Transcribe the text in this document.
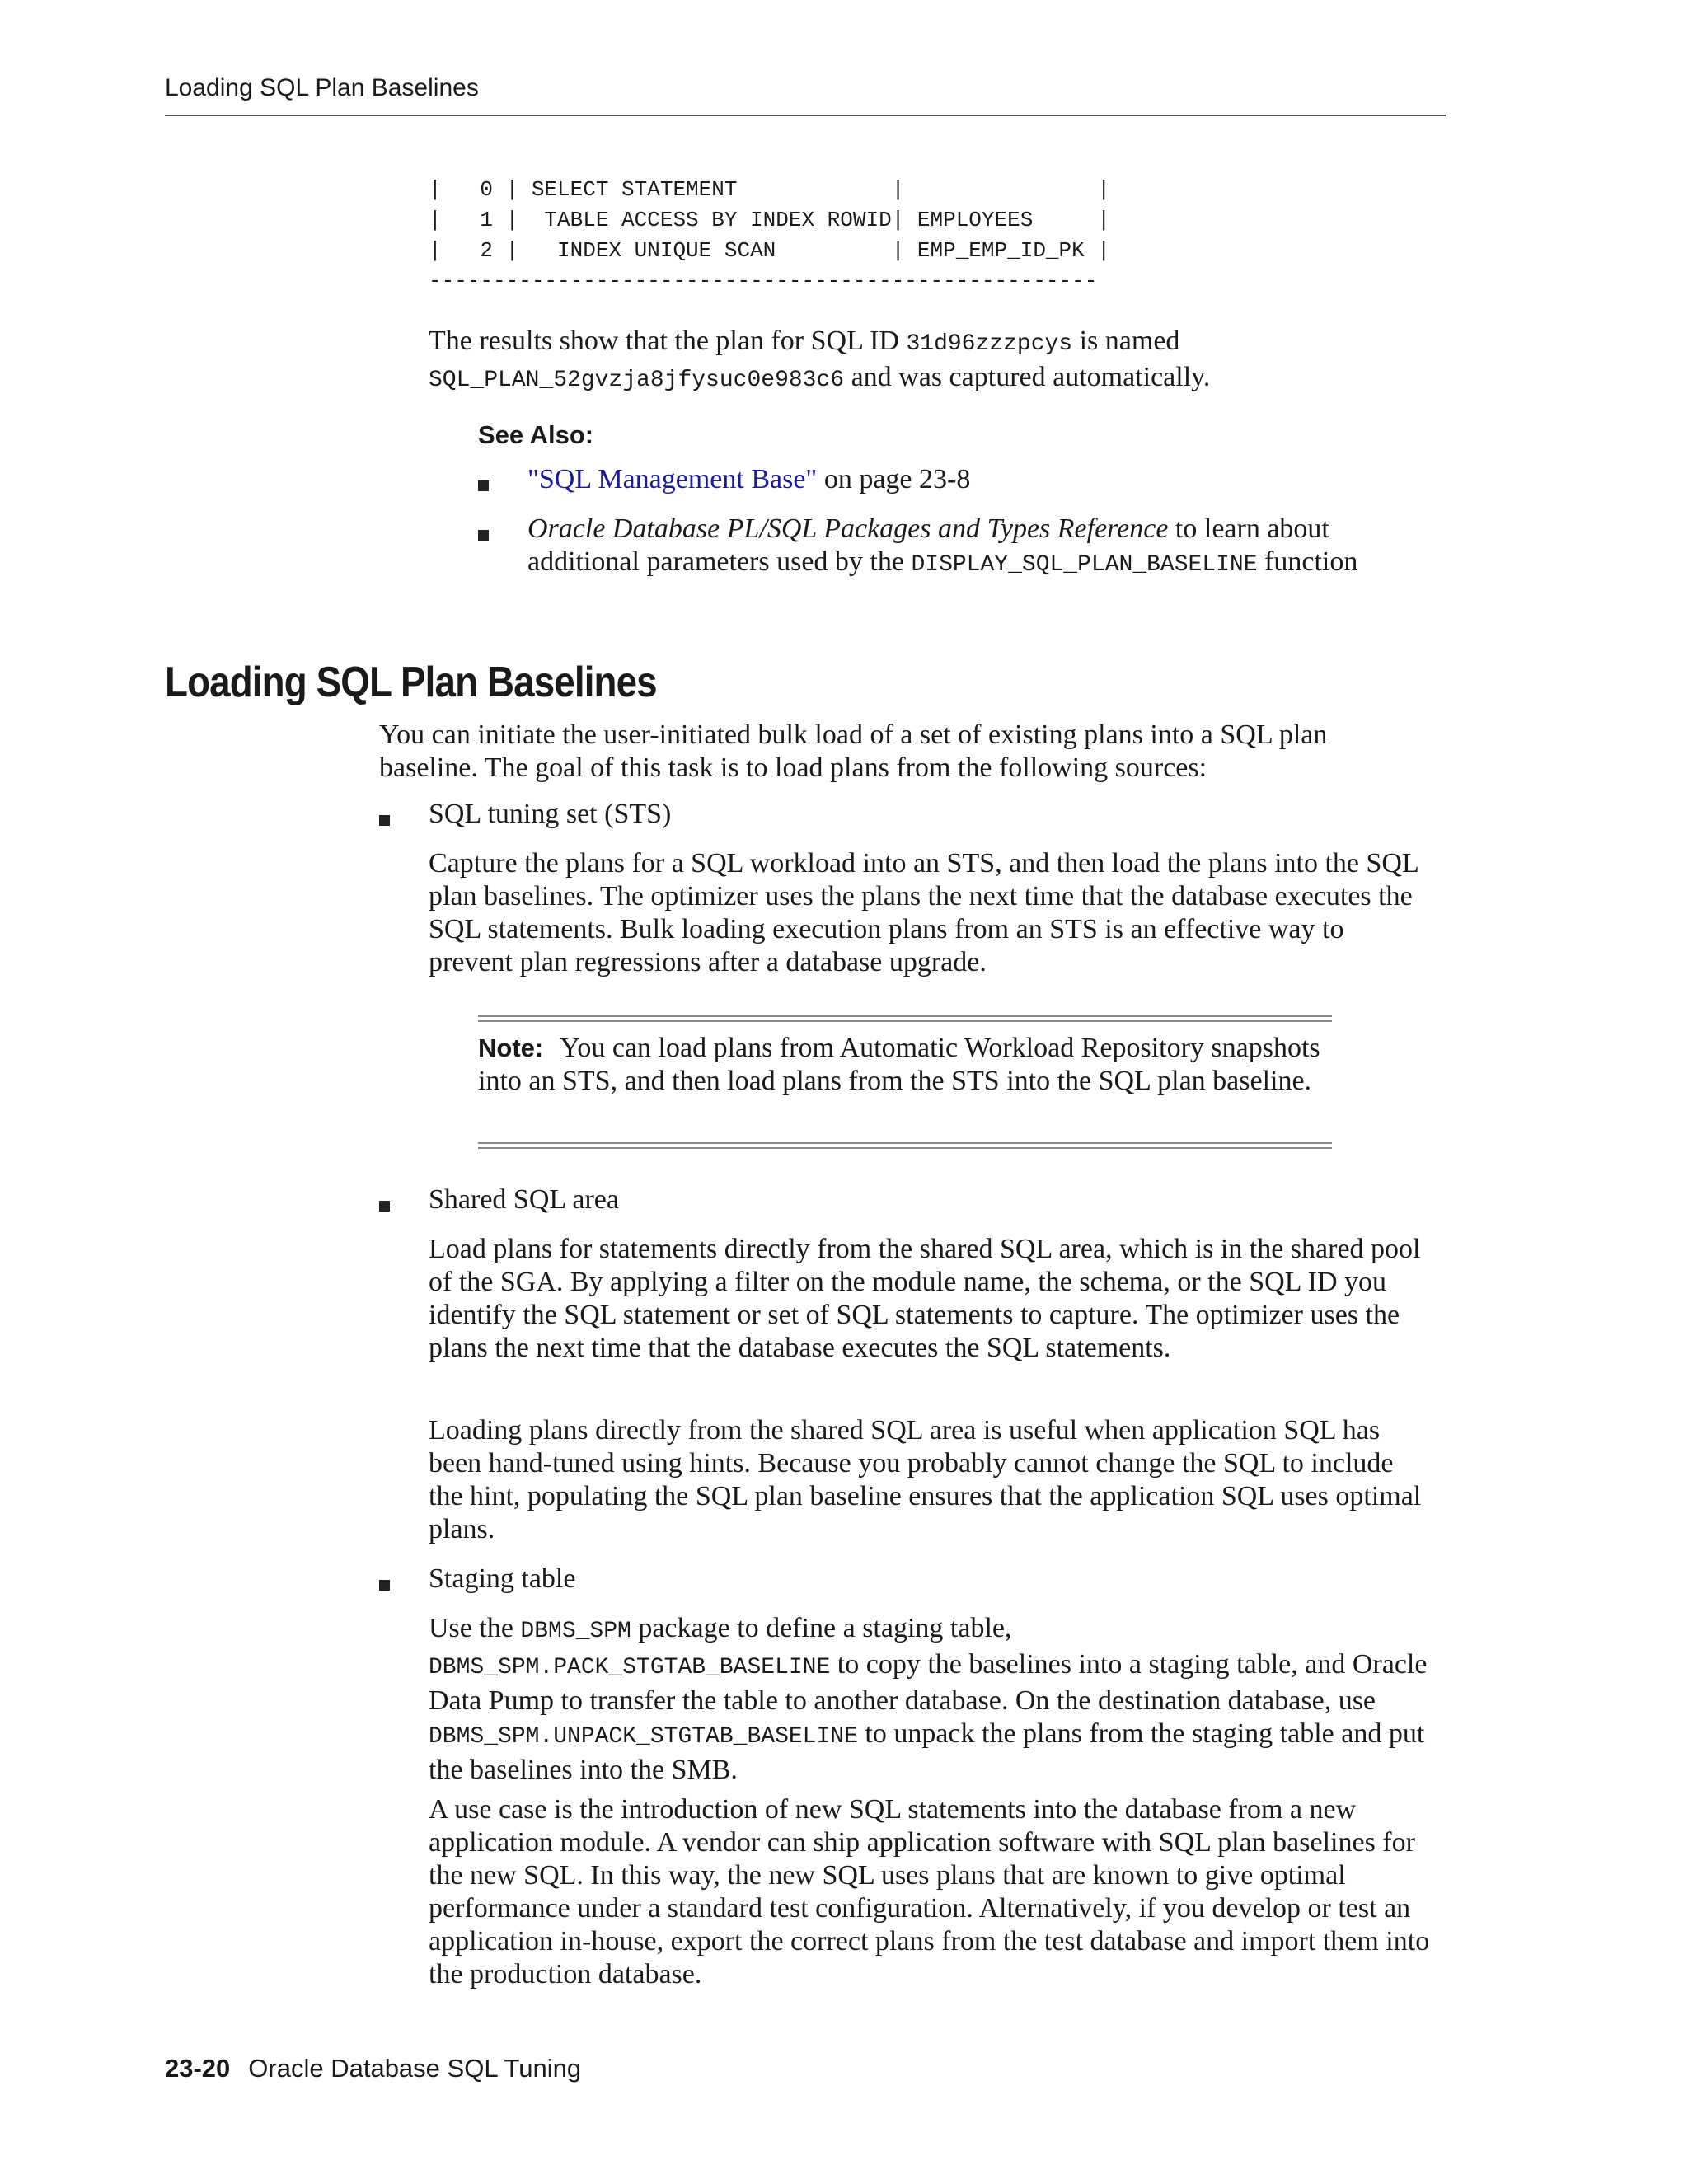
Loading SQL Plan Baselines
|   0 | SELECT STATEMENT            |               |
|   1 |  TABLE ACCESS BY INDEX ROWID| EMPLOYEES     |
|   2 |   INDEX UNIQUE SCAN         | EMP_EMP_ID_PK |
----------------------------------------------------
The results show that the plan for SQL ID 31d96zzzpcys is named
SQL_PLAN_52gvzja8jfysuc0e983c6 and was captured automatically.
See Also:
"SQL Management Base" on page 23-8
Oracle Database PL/SQL Packages and Types Reference to learn about additional parameters used by the DISPLAY_SQL_PLAN_BASELINE function
Loading SQL Plan Baselines
You can initiate the user-initiated bulk load of a set of existing plans into a SQL plan baseline. The goal of this task is to load plans from the following sources:
SQL tuning set (STS)
Capture the plans for a SQL workload into an STS, and then load the plans into the SQL plan baselines. The optimizer uses the plans the next time that the database executes the SQL statements. Bulk loading execution plans from an STS is an effective way to prevent plan regressions after a database upgrade.
Note: You can load plans from Automatic Workload Repository snapshots into an STS, and then load plans from the STS into the SQL plan baseline.
Shared SQL area
Load plans for statements directly from the shared SQL area, which is in the shared pool of the SGA. By applying a filter on the module name, the schema, or the SQL ID you identify the SQL statement or set of SQL statements to capture. The optimizer uses the plans the next time that the database executes the SQL statements.
Loading plans directly from the shared SQL area is useful when application SQL has been hand-tuned using hints. Because you probably cannot change the SQL to include the hint, populating the SQL plan baseline ensures that the application SQL uses optimal plans.
Staging table
Use the DBMS_SPM package to define a staging table,
DBMS_SPM.PACK_STGTAB_BASELINE to copy the baselines into a staging table, and Oracle Data Pump to transfer the table to another database. On the destination database, use DBMS_SPM.UNPACK_STGTAB_BASELINE to unpack the plans from the staging table and put the baselines into the SMB.
A use case is the introduction of new SQL statements into the database from a new application module. A vendor can ship application software with SQL plan baselines for the new SQL. In this way, the new SQL uses plans that are known to give optimal performance under a standard test configuration. Alternatively, if you develop or test an application in-house, export the correct plans from the test database and import them into the production database.
23-20 Oracle Database SQL Tuning
